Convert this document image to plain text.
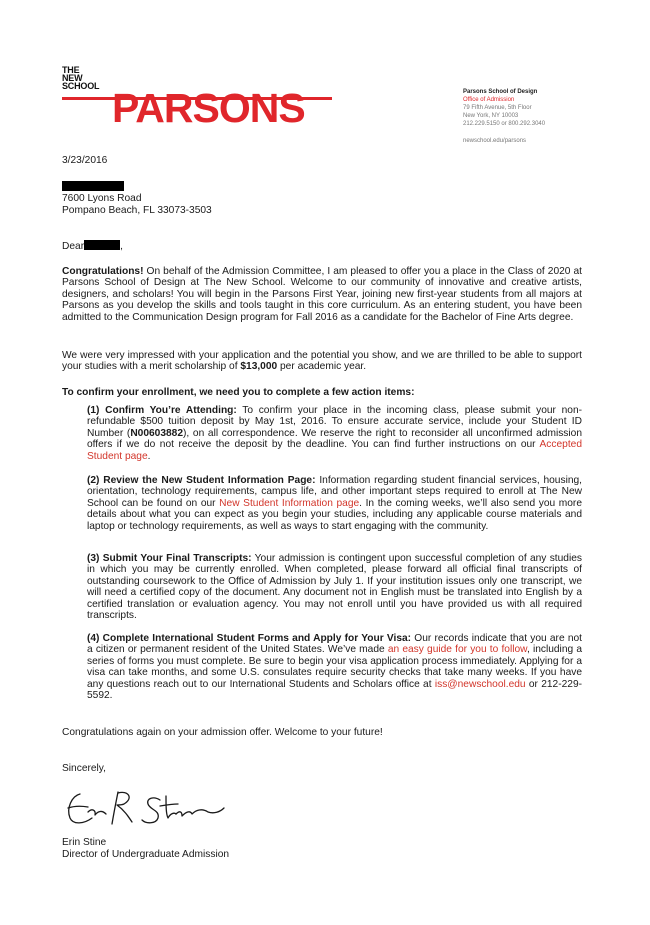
THE
NEW
SCHOOL PARSONS	Parsons School of Design
Office of Admission
79 Fifth Avenue, 5th Floor
New York, NY 10003
212.229.5150 or 800.292.3040
newschool.edu/parsons
3/23/2016
7600 Lyons Road
Pompano Beach, FL 33073-3503
Dear	,
Congratulations! On behalf of the Admission Committee, I am pleased to offer you a place in the Class of 2020 at Parsons School of Design at The New School. Welcome to our community of innovative and creative artists, designers, and scholars! You will begin in the Parsons First Year, joining new first-year students from all majors at Parsons as you develop the skills and tools taught in this core curriculum. As an entering student, you have been admitted to the Communication Design program for Fall 2016 as a candidate for the Bachelor of Fine Arts degree.
We were very impressed with your application and the potential you show, and we are thrilled to be able to support your studies with a merit scholarship of $13,000 per academic year.
To confirm your enrollment, we need you to complete a few action items:
(1) Confirm You’re Attending: To confirm your place in the incoming class, please submit your non-refundable $500 tuition deposit by May 1st, 2016. To ensure accurate service, include your Student ID Number (N00603882), on all correspondence. We reserve the right to reconsider all unconfirmed admission offers if we do not receive the deposit by the deadline. You can find further instructions on our Accepted Student page.
(2) Review the New Student Information Page: Information regarding student financial services, housing, orientation, technology requirements, campus life, and other important steps required to enroll at The New School can be found on our New Student Information page. In the coming weeks, we’ll also send you more details about what you can expect as you begin your studies, including any applicable course materials and laptop or technology requirements, as well as ways to start engaging with the community.
(3) Submit Your Final Transcripts: Your admission is contingent upon successful completion of any studies in which you may be currently enrolled. When completed, please forward all official final transcripts of outstanding coursework to the Office of Admission by July 1. If your institution issues only one transcript, we will need a certified copy of the document. Any document not in English must be translated into English by a certified translation or evaluation agency. You may not enroll until you have provided us with all required transcripts.
(4) Complete International Student Forms and Apply for Your Visa: Our records indicate that you are not a citizen or permanent resident of the United States. We’ve made an easy guide for you to follow, including a series of forms you must complete. Be sure to begin your visa application process immediately. Applying for a visa can take months, and some U.S. consulates require security checks that take many weeks. If you have any questions reach out to our International Students and Scholars office at iss@newschool.edu or 212-229-5592.
Congratulations again on your admission offer. Welcome to your future!
Sincerely,
Erin Stine
Director of Undergraduate Admission
